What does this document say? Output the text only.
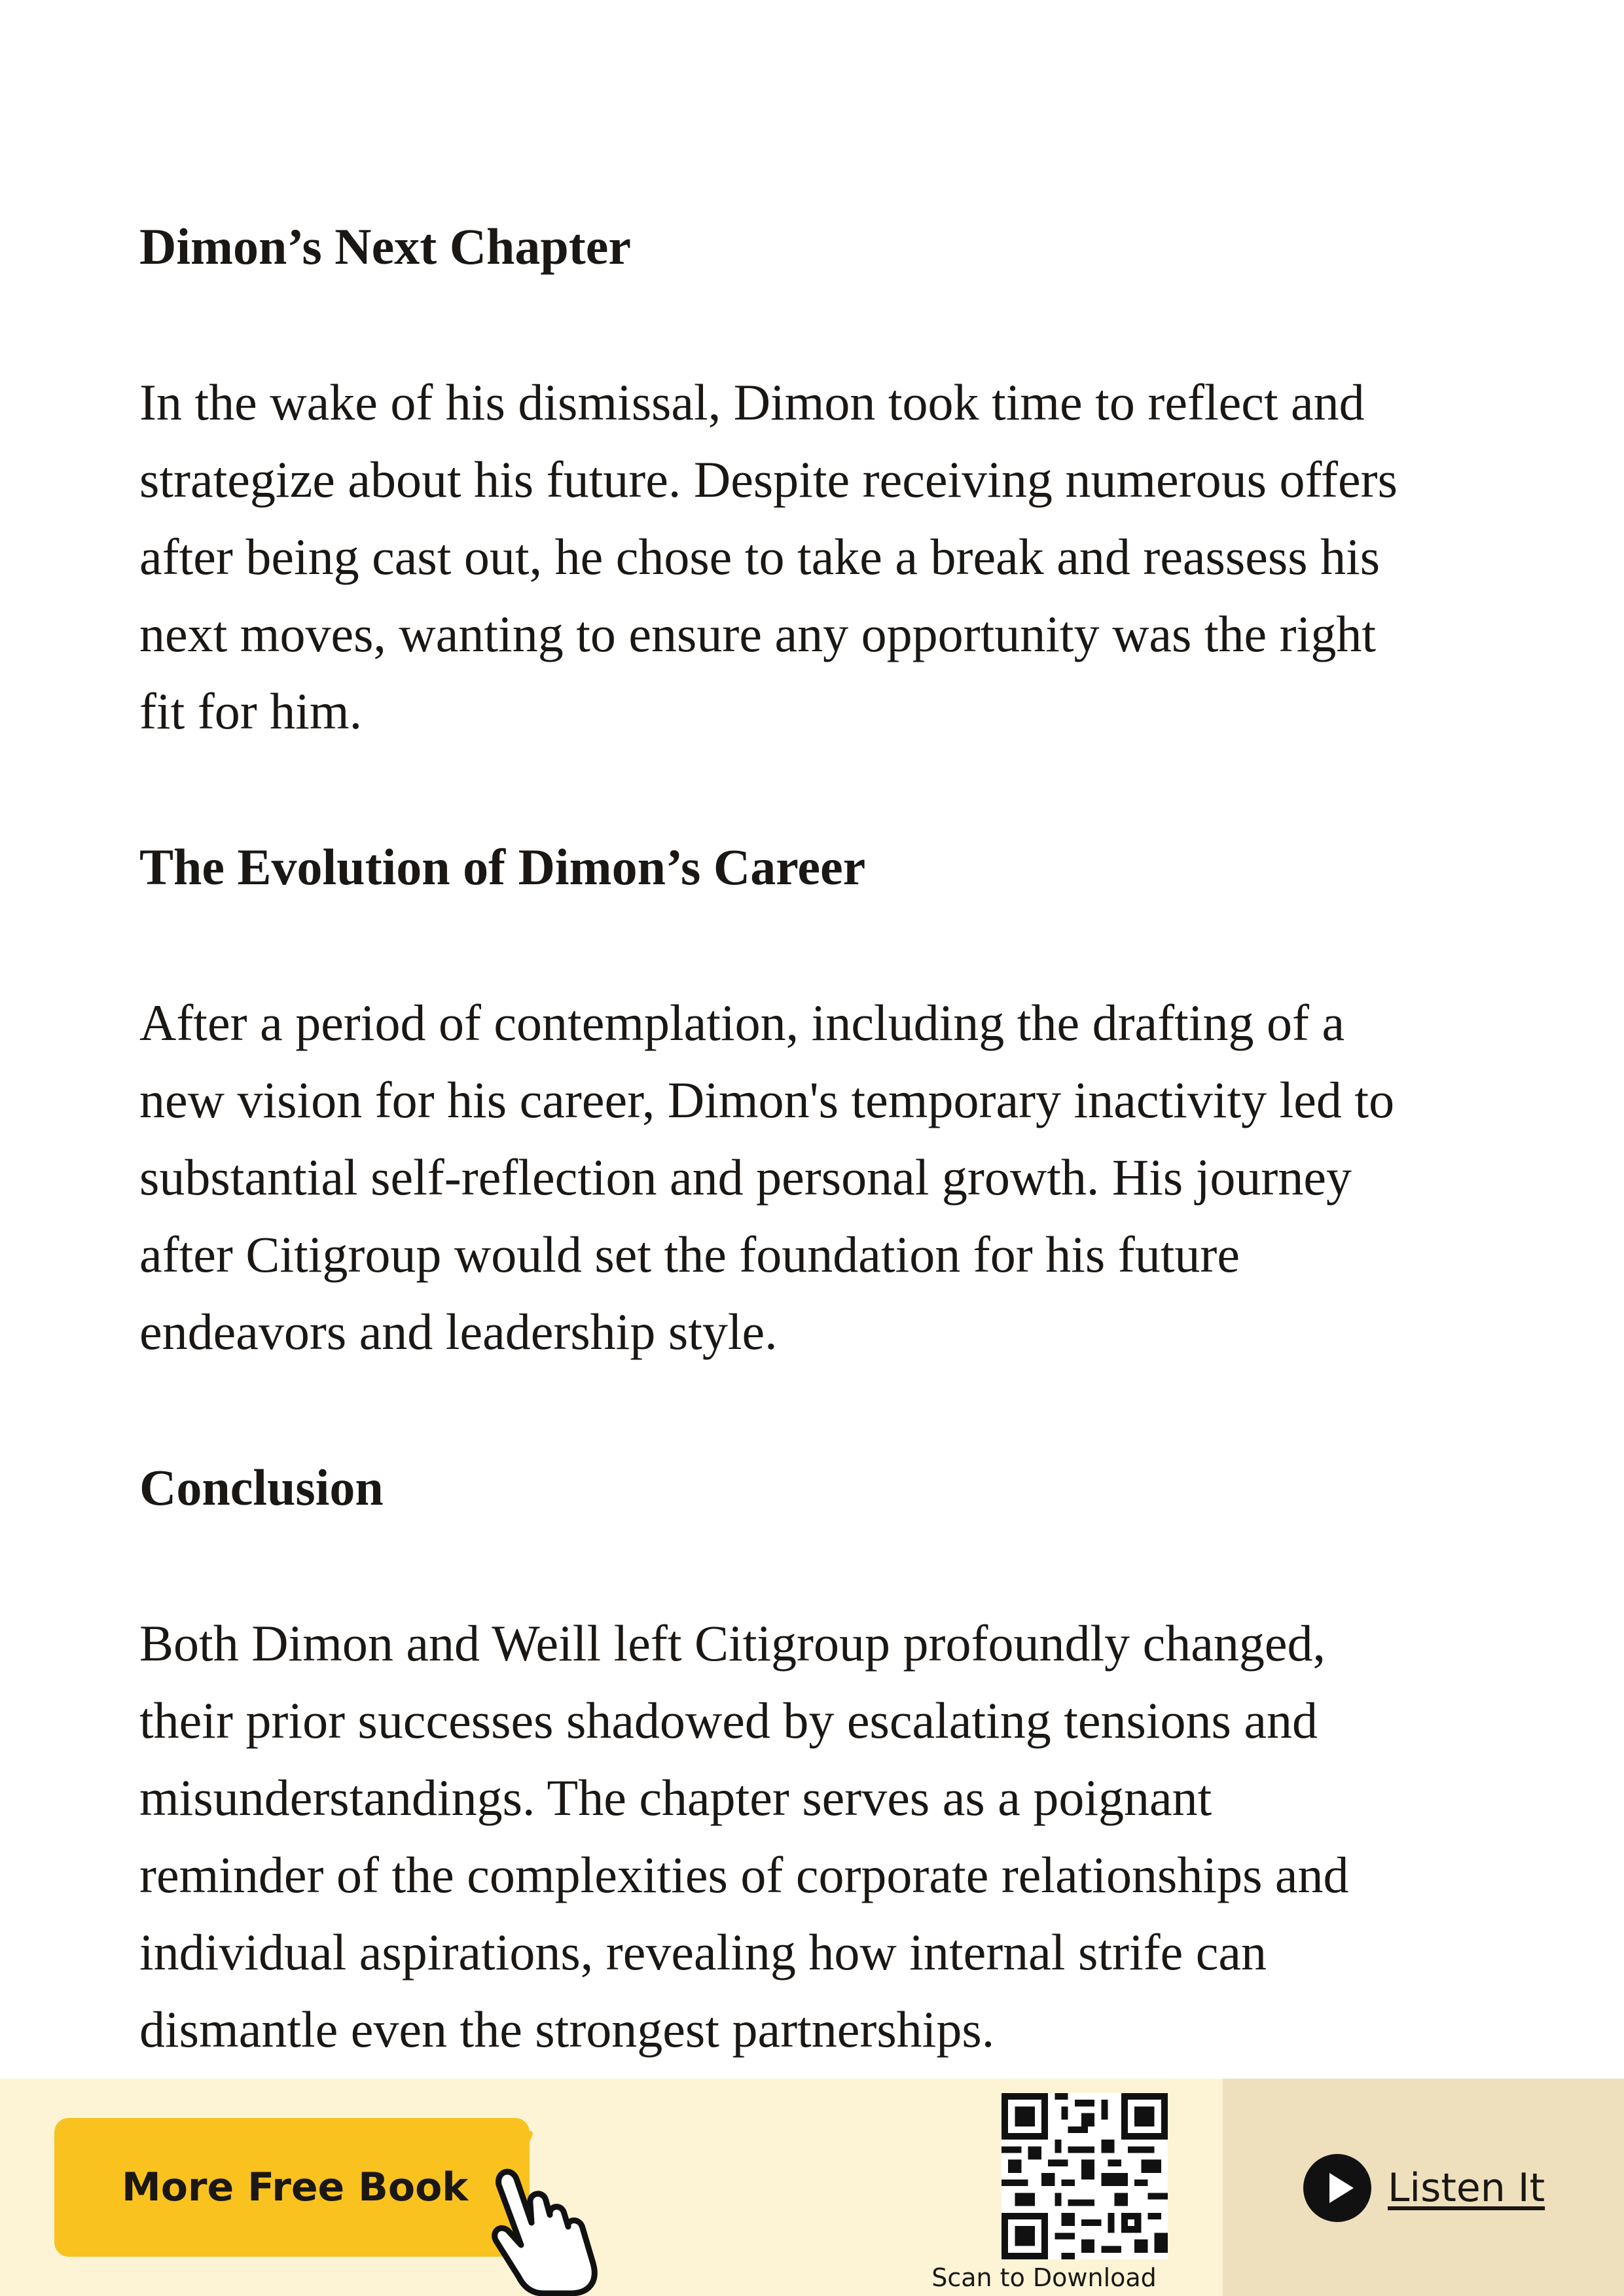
Dimon’s Next Chapter

In the wake of his dismissal, Dimon took time to reflect and
strategize about his future. Despite receiving numerous offers
after being cast out, he chose to take a break and reassess his
next moves, wanting to ensure any opportunity was the right
fit for him.

The Evolution of Dimon’s Career

After a period of contemplation, including the drafting of a
new vision for his career, Dimon's temporary inactivity led to
substantial self-reflection and personal growth. His journey
after Citigroup would set the foundation for his future
endeavors and leadership style.

Conclusion

Both Dimon and Weill left Citigroup profoundly changed,
their prior successes shadowed by escalating tensions and
misunderstandings. The chapter serves as a poignant
reminder of the complexities of corporate relationships and
individual aspirations, revealing how internal strife can
dismantle even the strongest partnerships.

More Free Book
Scan to Download
Listen It
